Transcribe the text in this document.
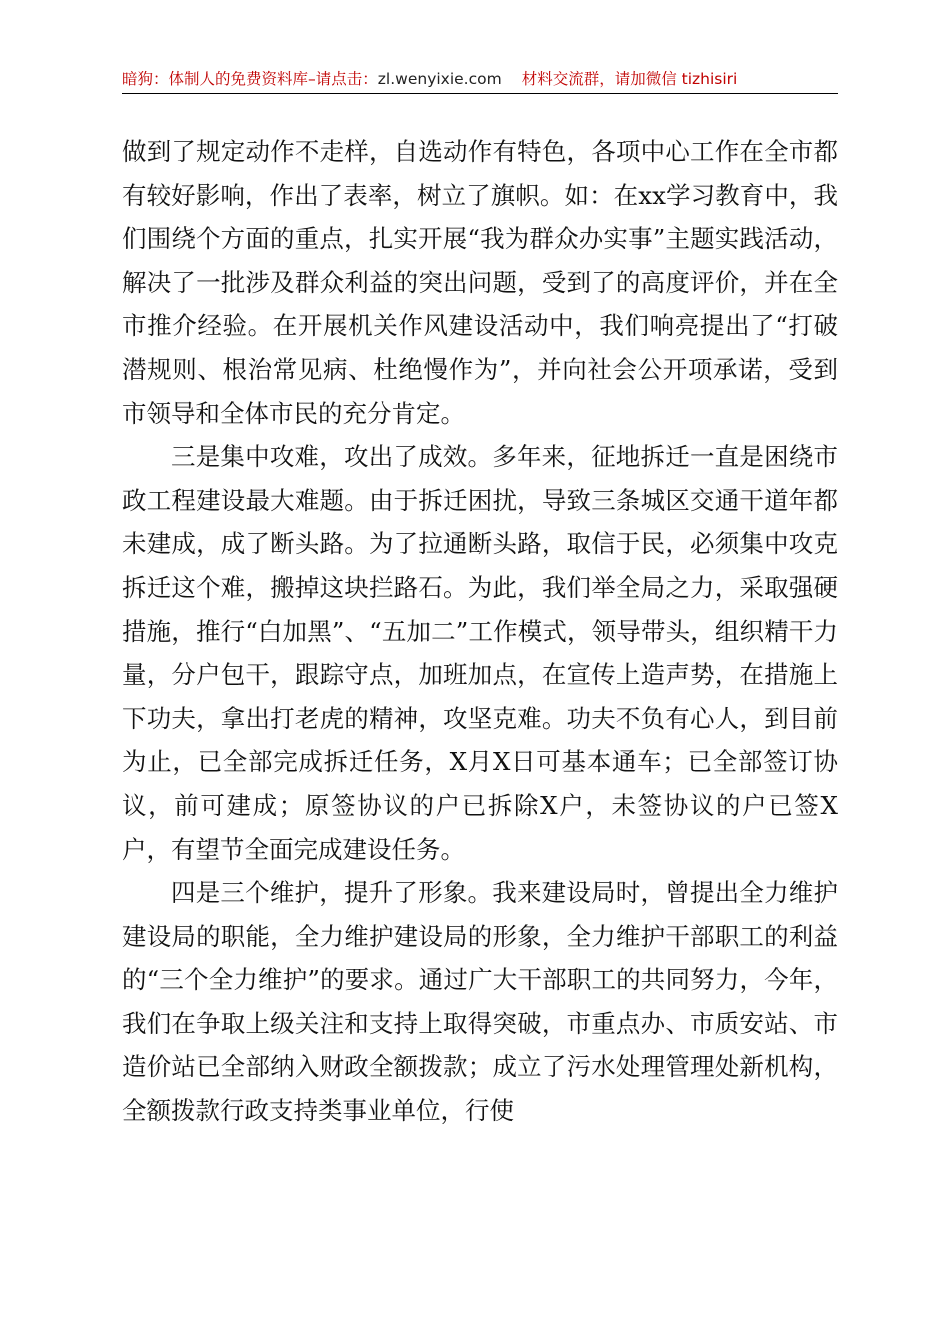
暗狗：体制人的免费资料库–请点击：zl.wenyixie.com 材料交流群，请加微信 tizhisiri

做到了规定动作不走样，自选动作有特色，各项中心工作在全市都有较好影响，作出了表率，树立了旗帜。如：在xx学习教育中，我们围绕个方面的重点，扎实开展“我为群众办实事”主题实践活动，解决了一批涉及群众利益的突出问题，受到了的高度评价，并在全市推介经验。在开展机关作风建设活动中，我们响亮提出了“打破潜规则、根治常见病、杜绝慢作为”，并向社会公开项承诺，受到市领导和全体市民的充分肯定。

三是集中攻难，攻出了成效。多年来，征地拆迁一直是困绕市政工程建设最大难题。由于拆迁困扰，导致三条城区交通干道年都未建成，成了断头路。为了拉通断头路，取信于民，必须集中攻克拆迁这个难，搬掉这块拦路石。为此，我们举全局之力，采取强硬措施，推行“白加黑”、“五加二”工作模式，领导带头，组织精干力量，分户包干，跟踪守点，加班加点，在宣传上造声势，在措施上下功夫，拿出打老虎的精神，攻坚克难。功夫不负有心人，到目前为止，已全部完成拆迁任务，X月X日可基本通车；已全部签订协议，前可建成；原签协议的户已拆除X户，未签协议的户已签X户，有望节全面完成建设任务。

四是三个维护，提升了形象。我来建设局时，曾提出全力维护建设局的职能，全力维护建设局的形象，全力维护干部职工的利益的“三个全力维护”的要求。通过广大干部职工的共同努力，今年，我们在争取上级关注和支持上取得突破，市重点办、市质安站、市造价站已全部纳入财政全额拨款；成立了污水处理管理处新机构，全额拨款行政支持类事业单位，行使
